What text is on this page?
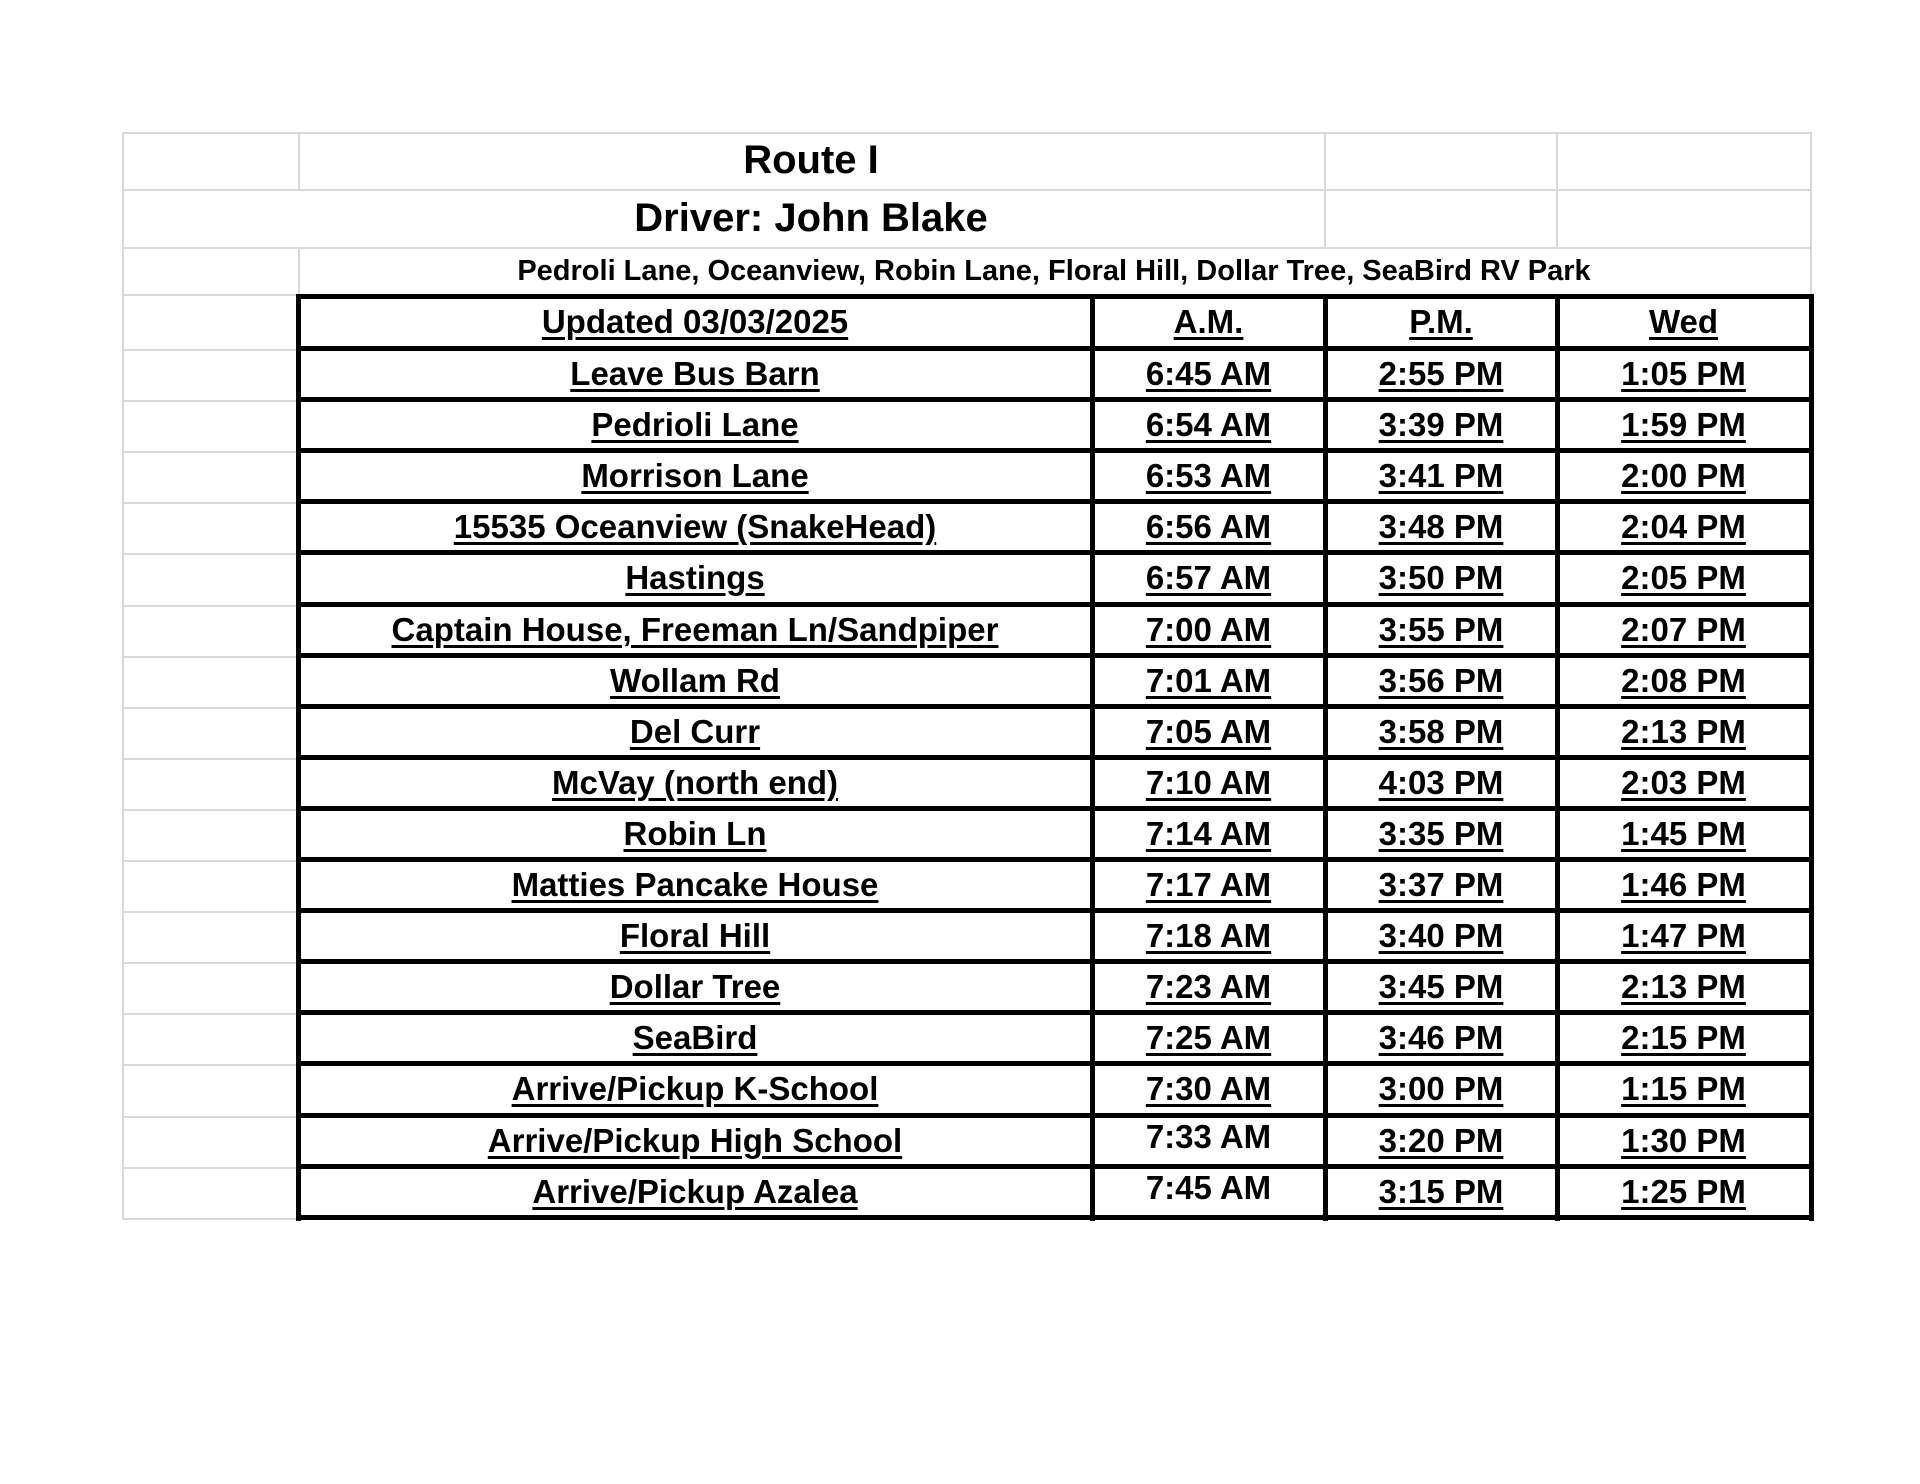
Route I
Driver: John Blake
Pedroli Lane, Oceanview, Robin Lane, Floral Hill, Dollar Tree, SeaBird RV Park
Updated 03/03/2025	A.M.	P.M.	Wed
Leave Bus Barn	6:45 AM	2:55 PM	1:05 PM
Pedrioli Lane	6:54 AM	3:39 PM	1:59 PM
Morrison Lane	6:53 AM	3:41 PM	2:00 PM
15535 Oceanview (SnakeHead)	6:56 AM	3:48 PM	2:04 PM
Hastings	6:57 AM	3:50 PM	2:05 PM
Captain House, Freeman Ln/Sandpiper	7:00 AM	3:55 PM	2:07 PM
Wollam Rd	7:01 AM	3:56 PM	2:08 PM
Del Curr	7:05 AM	3:58 PM	2:13 PM
McVay (north end)	7:10 AM	4:03 PM	2:03 PM
Robin Ln	7:14 AM	3:35 PM	1:45 PM
Matties Pancake House	7:17 AM	3:37 PM	1:46 PM
Floral Hill	7:18 AM	3:40 PM	1:47 PM
Dollar Tree	7:23 AM	3:45 PM	2:13 PM
SeaBird	7:25 AM	3:46 PM	2:15 PM
Arrive/Pickup K-School	7:30 AM	3:00 PM	1:15 PM
Arrive/Pickup High School	7:33 AM	3:20 PM	1:30 PM
Arrive/Pickup Azalea	7:45 AM	3:15 PM	1:25 PM
